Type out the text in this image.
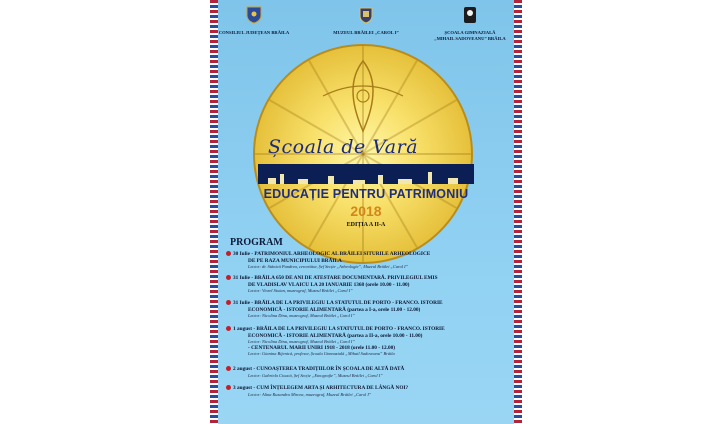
CONSILIUL JUDEȚEAN BRĂILA	MUZEUL BRĂILEI „CAROL I”	ȘCOALA GIMNAZIALĂ
„MIHAIL SADOVEANU” BRĂILA
Școala de Vară
EDUCAȚIE PENTRU PATRIMONIU
2018
EDIȚIA A II-A
PROGRAM
30 Iulie - PATRIMONIUL ARHEOLOGIC AL BRĂILEI SITURILE ARHEOLOGICE
DE PE RAZA MUNICIPIULUI BRĂILA
Lector: dr. Stănică Pandrea, cercetător, Șef Secție „Arheologie”, Muzeul Brăilei „Carol I”
31 Iulie - BRĂILA 650 DE ANI DE ATESTARE DOCUMENTARĂ. PRIVILEGIUL EMIS
DE VLADISLAV VLAICU LA 20 IANUARIE 1368 (orele 10.00 - 11.00)
Lector: Viorel Stoian, muzeograf, Muzeul Brăilei „Carol I”
31 Iulie - BRĂILA DE LA PRIVILEGIU LA STATUTUL DE PORTO - FRANCO. ISTORIE
ECONOMICĂ - ISTORIE ALIMENTARĂ (partea a I-a, orele 11.00 - 12.00)
Lector: Nicolina Dinu, muzeograf, Muzeul Brăilei „Carol I”
1 august - BRĂILA DE LA PRIVILEGIU LA STATUTUL DE PORTO - FRANCO. ISTORIE
ECONOMICĂ - ISTORIE ALIMENTARĂ (partea a II-a, orele 10.00 - 11.00)
Lector: Nicolina Dinu, muzeograf, Muzeul Brăilei „Carol I”
- CENTENARUL MARII UNIRI 1918 - 2018 (orele 11.00 - 12.00)
Lector: Gianina Bijenică, profesor, Școala Gimnazială „Mihail Sadoveanu” Brăila
2 august - CUNOAȘTEREA TRADIȚIILOR ÎN ȘCOALA DE ALTĂ DATĂ
Lector: Gabriela Cioacă, Șef Secție „Etnografie”, Muzeul Brăilei „Carol I”
3 august - CUM ÎNȚELEGEM ARTA ȘI ARHITECTURA DE LÂNGĂ NOI?
Lector: Alina Ruxandra Mircea, muzeograf, Muzeul Brăilei „Carol I”
